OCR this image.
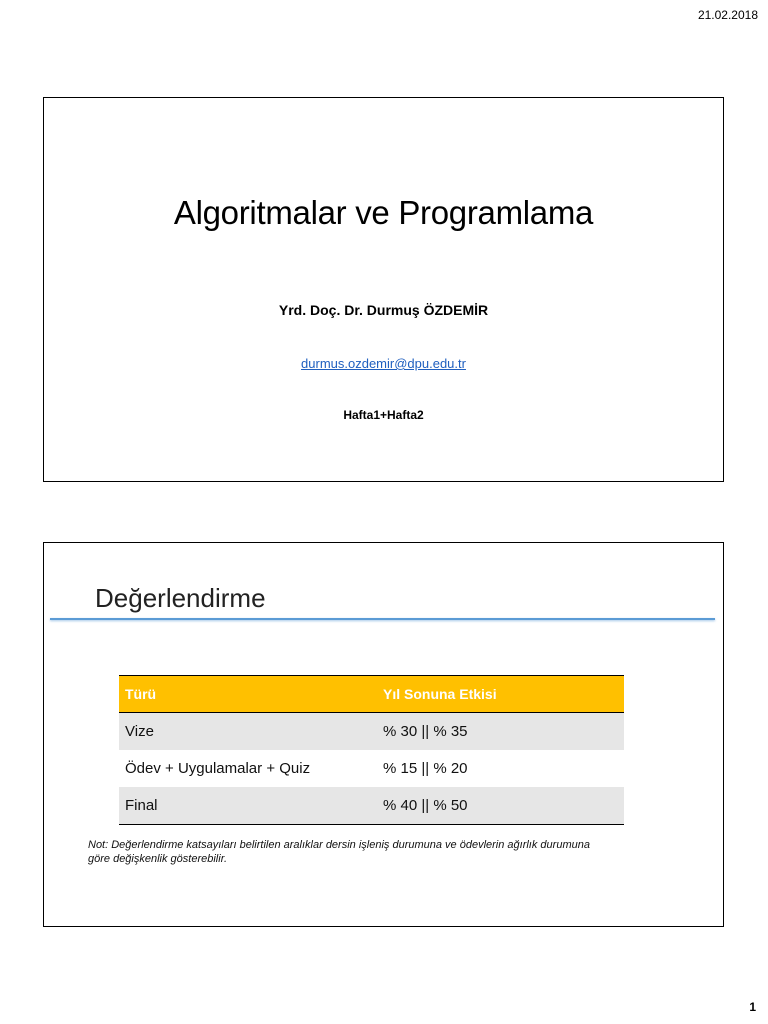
21.02.2018
Algoritmalar ve Programlama
Yrd. Doç. Dr. Durmuş ÖZDEMİR
durmus.ozdemir@dpu.edu.tr
Hafta1+Hafta2
Değerlendirme
Türü	Yıl Sonuna Etkisi
Vize	% 30 || % 35
Ödev + Uygulamalar + Quiz	% 15 || % 20
Final	% 40 || % 50
Not: Değerlendirme katsayıları belirtilen aralıklar dersin işleniş durumuna ve ödevlerin ağırlık durumuna
göre değişkenlik gösterebilir.
1
